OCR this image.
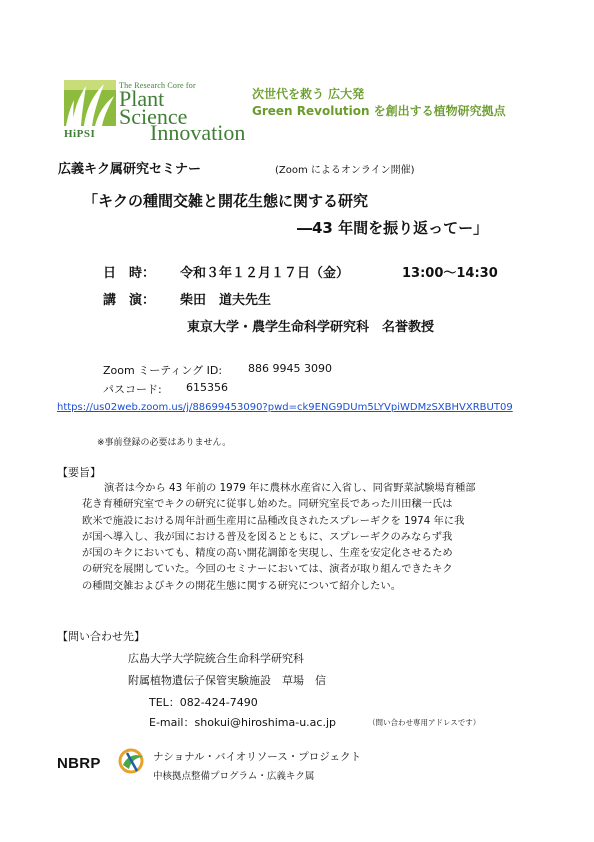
The Research Core for
Plant
Science
Innovation
HiPSI
次世代を救う 広大発
Green Revolution を創出する植物研究拠点
広義キク属研究セミナー	(Zoom によるオンライン開催)
「キクの種間交雑と開花生態に関する研究
―43 年間を振り返ってー」
日　時： 令和３年１２月１７日（金）	13:00〜14:30
講　演： 柴田　道夫先生
東京大学・農学生命科学研究科　名誉教授
Zoom ミーティング ID: 886 9945 3090
パスコード: 615356
https://us02web.zoom.us/j/88699453090?pwd=ck9ENG9DUm5LYVpiWDMzSXBHVXRBUT09
※事前登録の必要はありません。
【要旨】
演者は今から 43 年前の 1979 年に農林水産省に入省し、同省野菜試験場育種部
花き育種研究室でキクの研究に従事し始めた。同研究室長であった川田穣一氏は
欧米で施設における周年計画生産用に品種改良されたスプレーギクを 1974 年に我
が国へ導入し、我が国における普及を図るとともに、スプレーギクのみならず我
が国のキクにおいても、精度の高い開花調節を実現し、生産を安定化させるため
の研究を展開していた。今回のセミナーにおいては、演者が取り組んできたキク
の種間交雑およびキクの開花生態に関する研究について紹介したい。
【問い合わせ先】
広島大学大学院統合生命科学研究科
附属植物遺伝子保管実験施設　草場　信
TEL：082-424-7490
E-mail：shokui@hiroshima-u.ac.jp	（問い合わせ専用アドレスです）
NBRP	ナショナル・バイオリソース・プロジェクト
中核拠点整備プログラム・広義キク属
